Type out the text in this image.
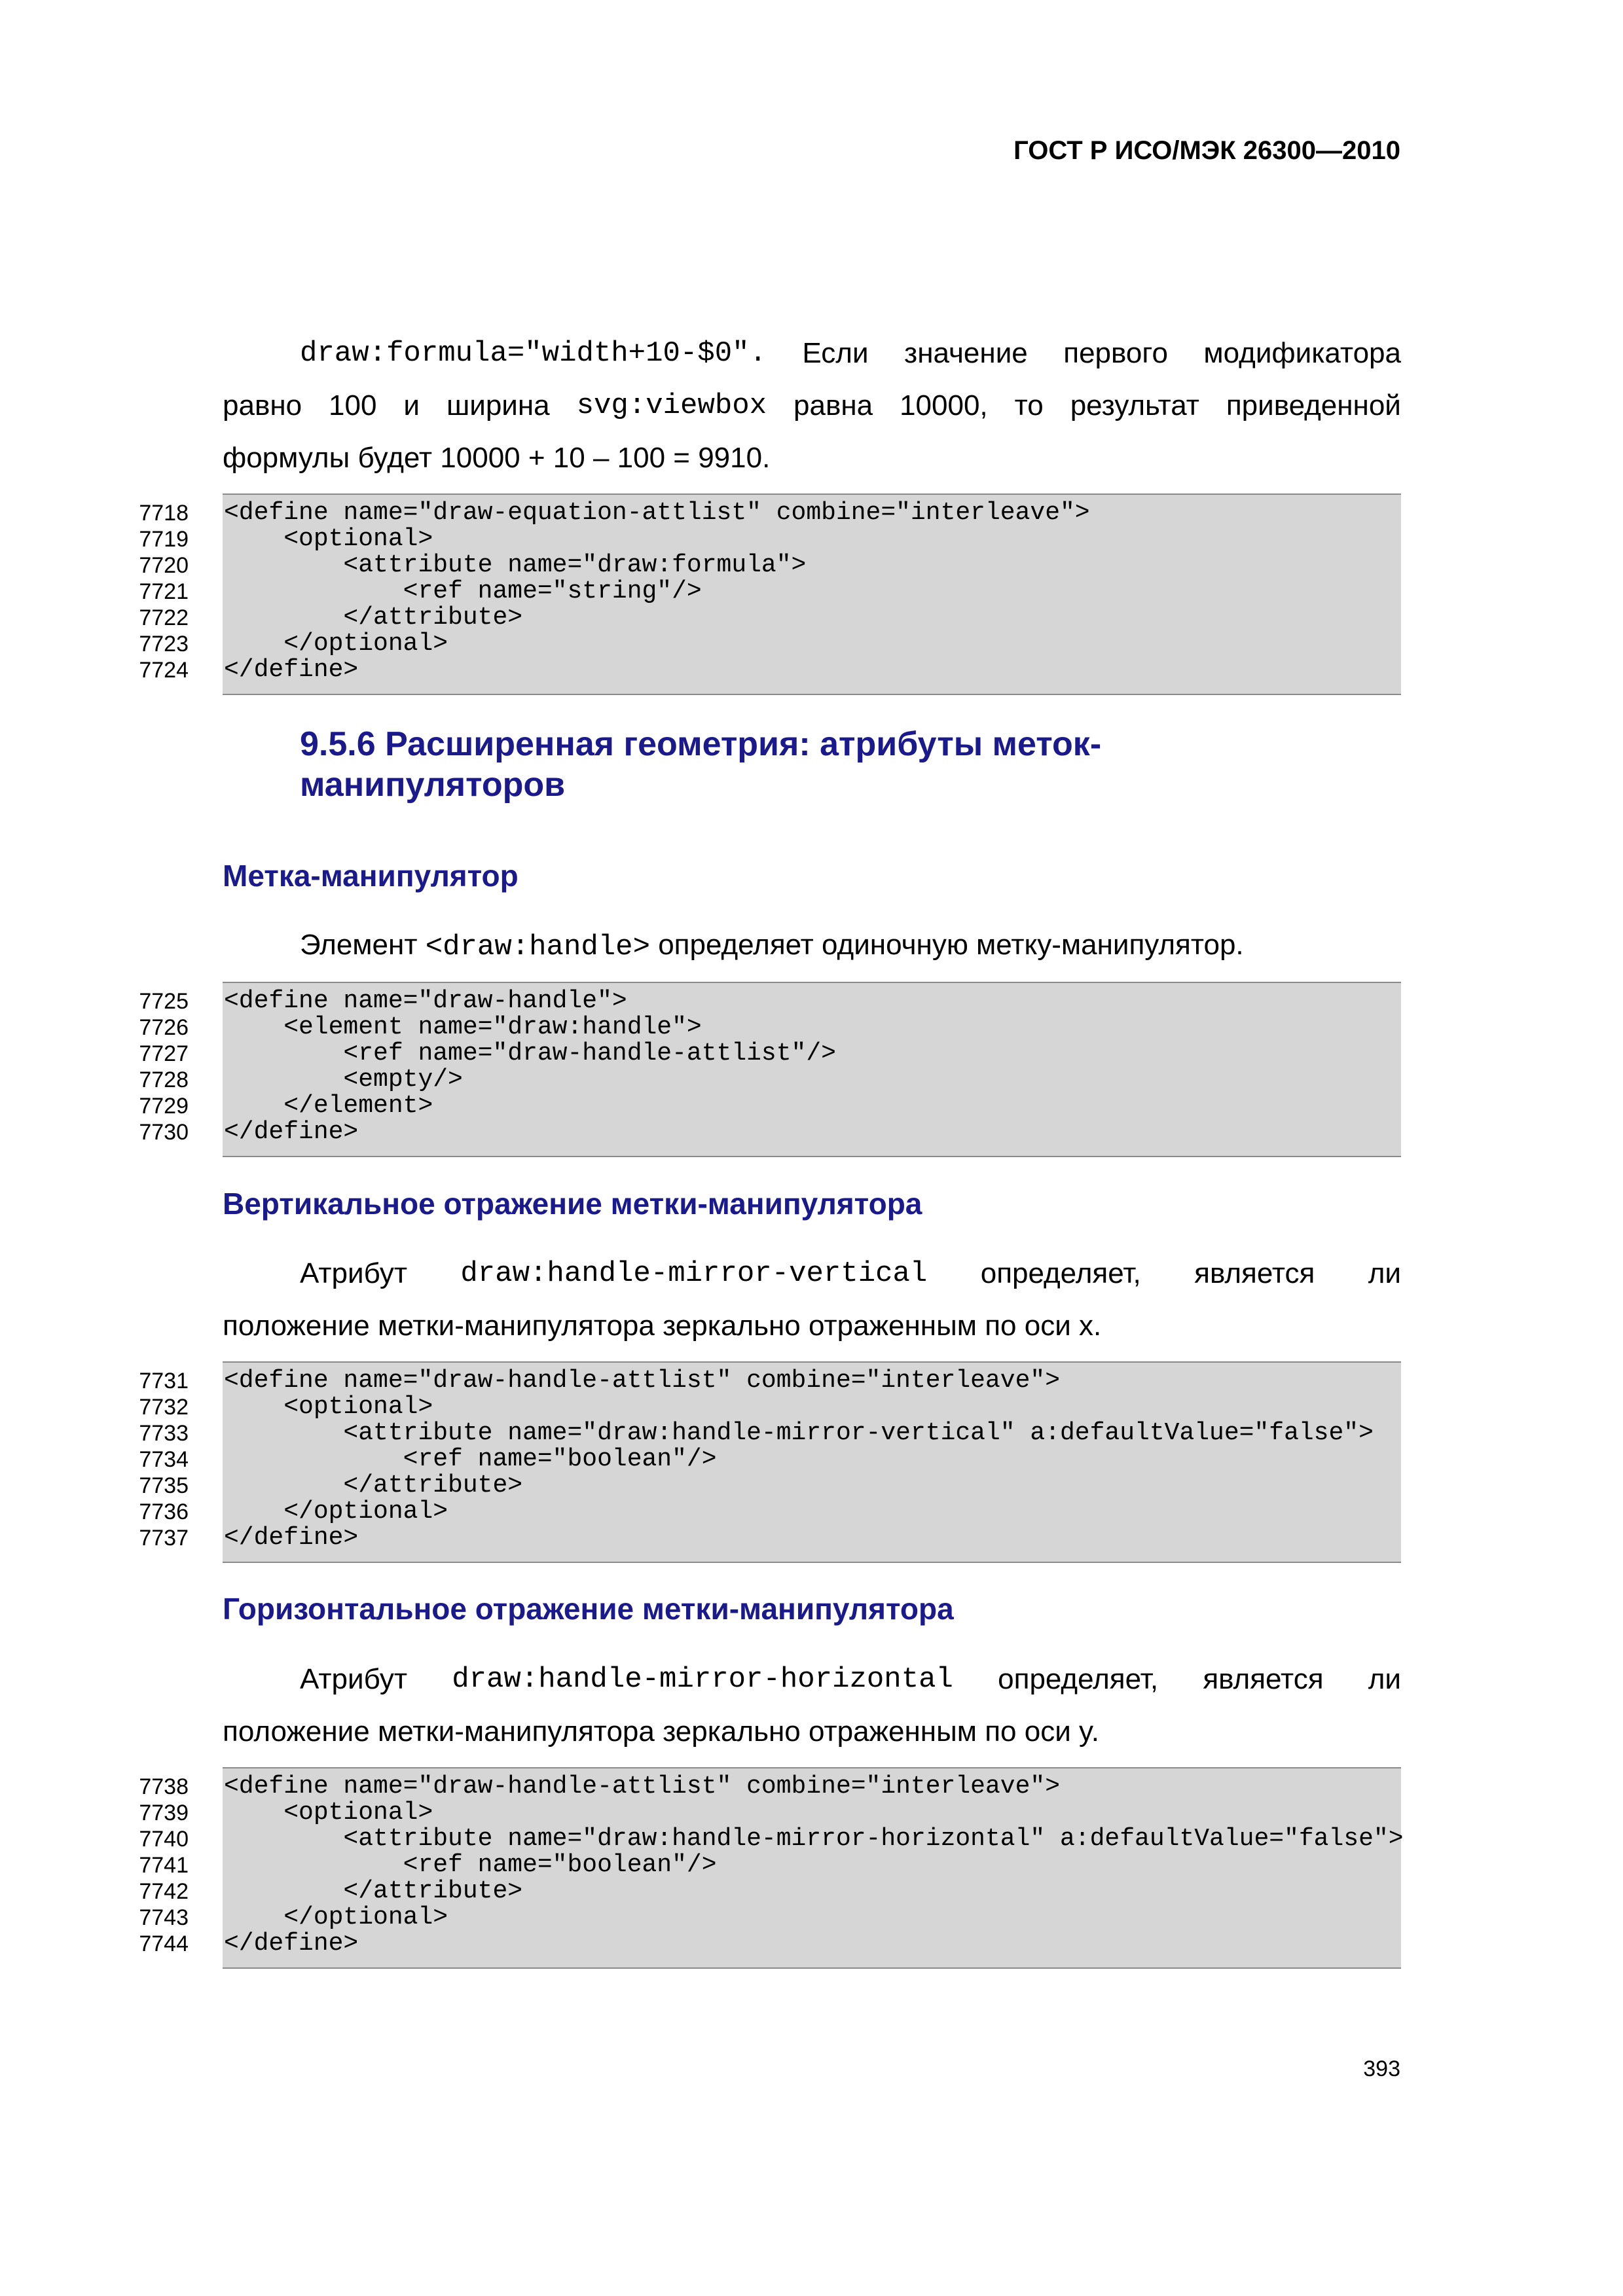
ГОСТ Р ИСО/МЭК 26300—2010
draw:formula="width+10-$0". Если значение первого модификатора
равно 100 и ширина svg:viewbox равна 10000, то результат приведенной
формулы будет 10000 + 10 – 100 = 9910.
7718 <define name="draw-equation-attlist" combine="interleave">
7719 <optional>
7720 <attribute name="draw:formula">
7721 <ref name="string"/>
7722 </attribute>
7723 </optional>
7724 </define>
9.5.6 Расширенная геометрия: атрибуты меток-манипуляторов
Метка-манипулятор
Элемент <draw:handle> определяет одиночную метку-манипулятор.
7725 <define name="draw-handle">
7726 <element name="draw:handle">
7727 <ref name="draw-handle-attlist"/>
7728 <empty/>
7729 </element>
7730 </define>
Вертикальное отражение метки-манипулятора
Атрибут draw:handle-mirror-vertical определяет, является ли
положение метки-манипулятора зеркально отраженным по оси x.
7731 <define name="draw-handle-attlist" combine="interleave">
7732 <optional>
7733 <attribute name="draw:handle-mirror-vertical" a:defaultValue="false">
7734 <ref name="boolean"/>
7735 </attribute>
7736 </optional>
7737 </define>
Горизонтальное отражение метки-манипулятора
Атрибут draw:handle-mirror-horizontal определяет, является ли
положение метки-манипулятора зеркально отраженным по оси y.
7738 <define name="draw-handle-attlist" combine="interleave">
7739 <optional>
7740 <attribute name="draw:handle-mirror-horizontal" a:defaultValue="false">
7741 <ref name="boolean"/>
7742 </attribute>
7743 </optional>
7744 </define>
393
